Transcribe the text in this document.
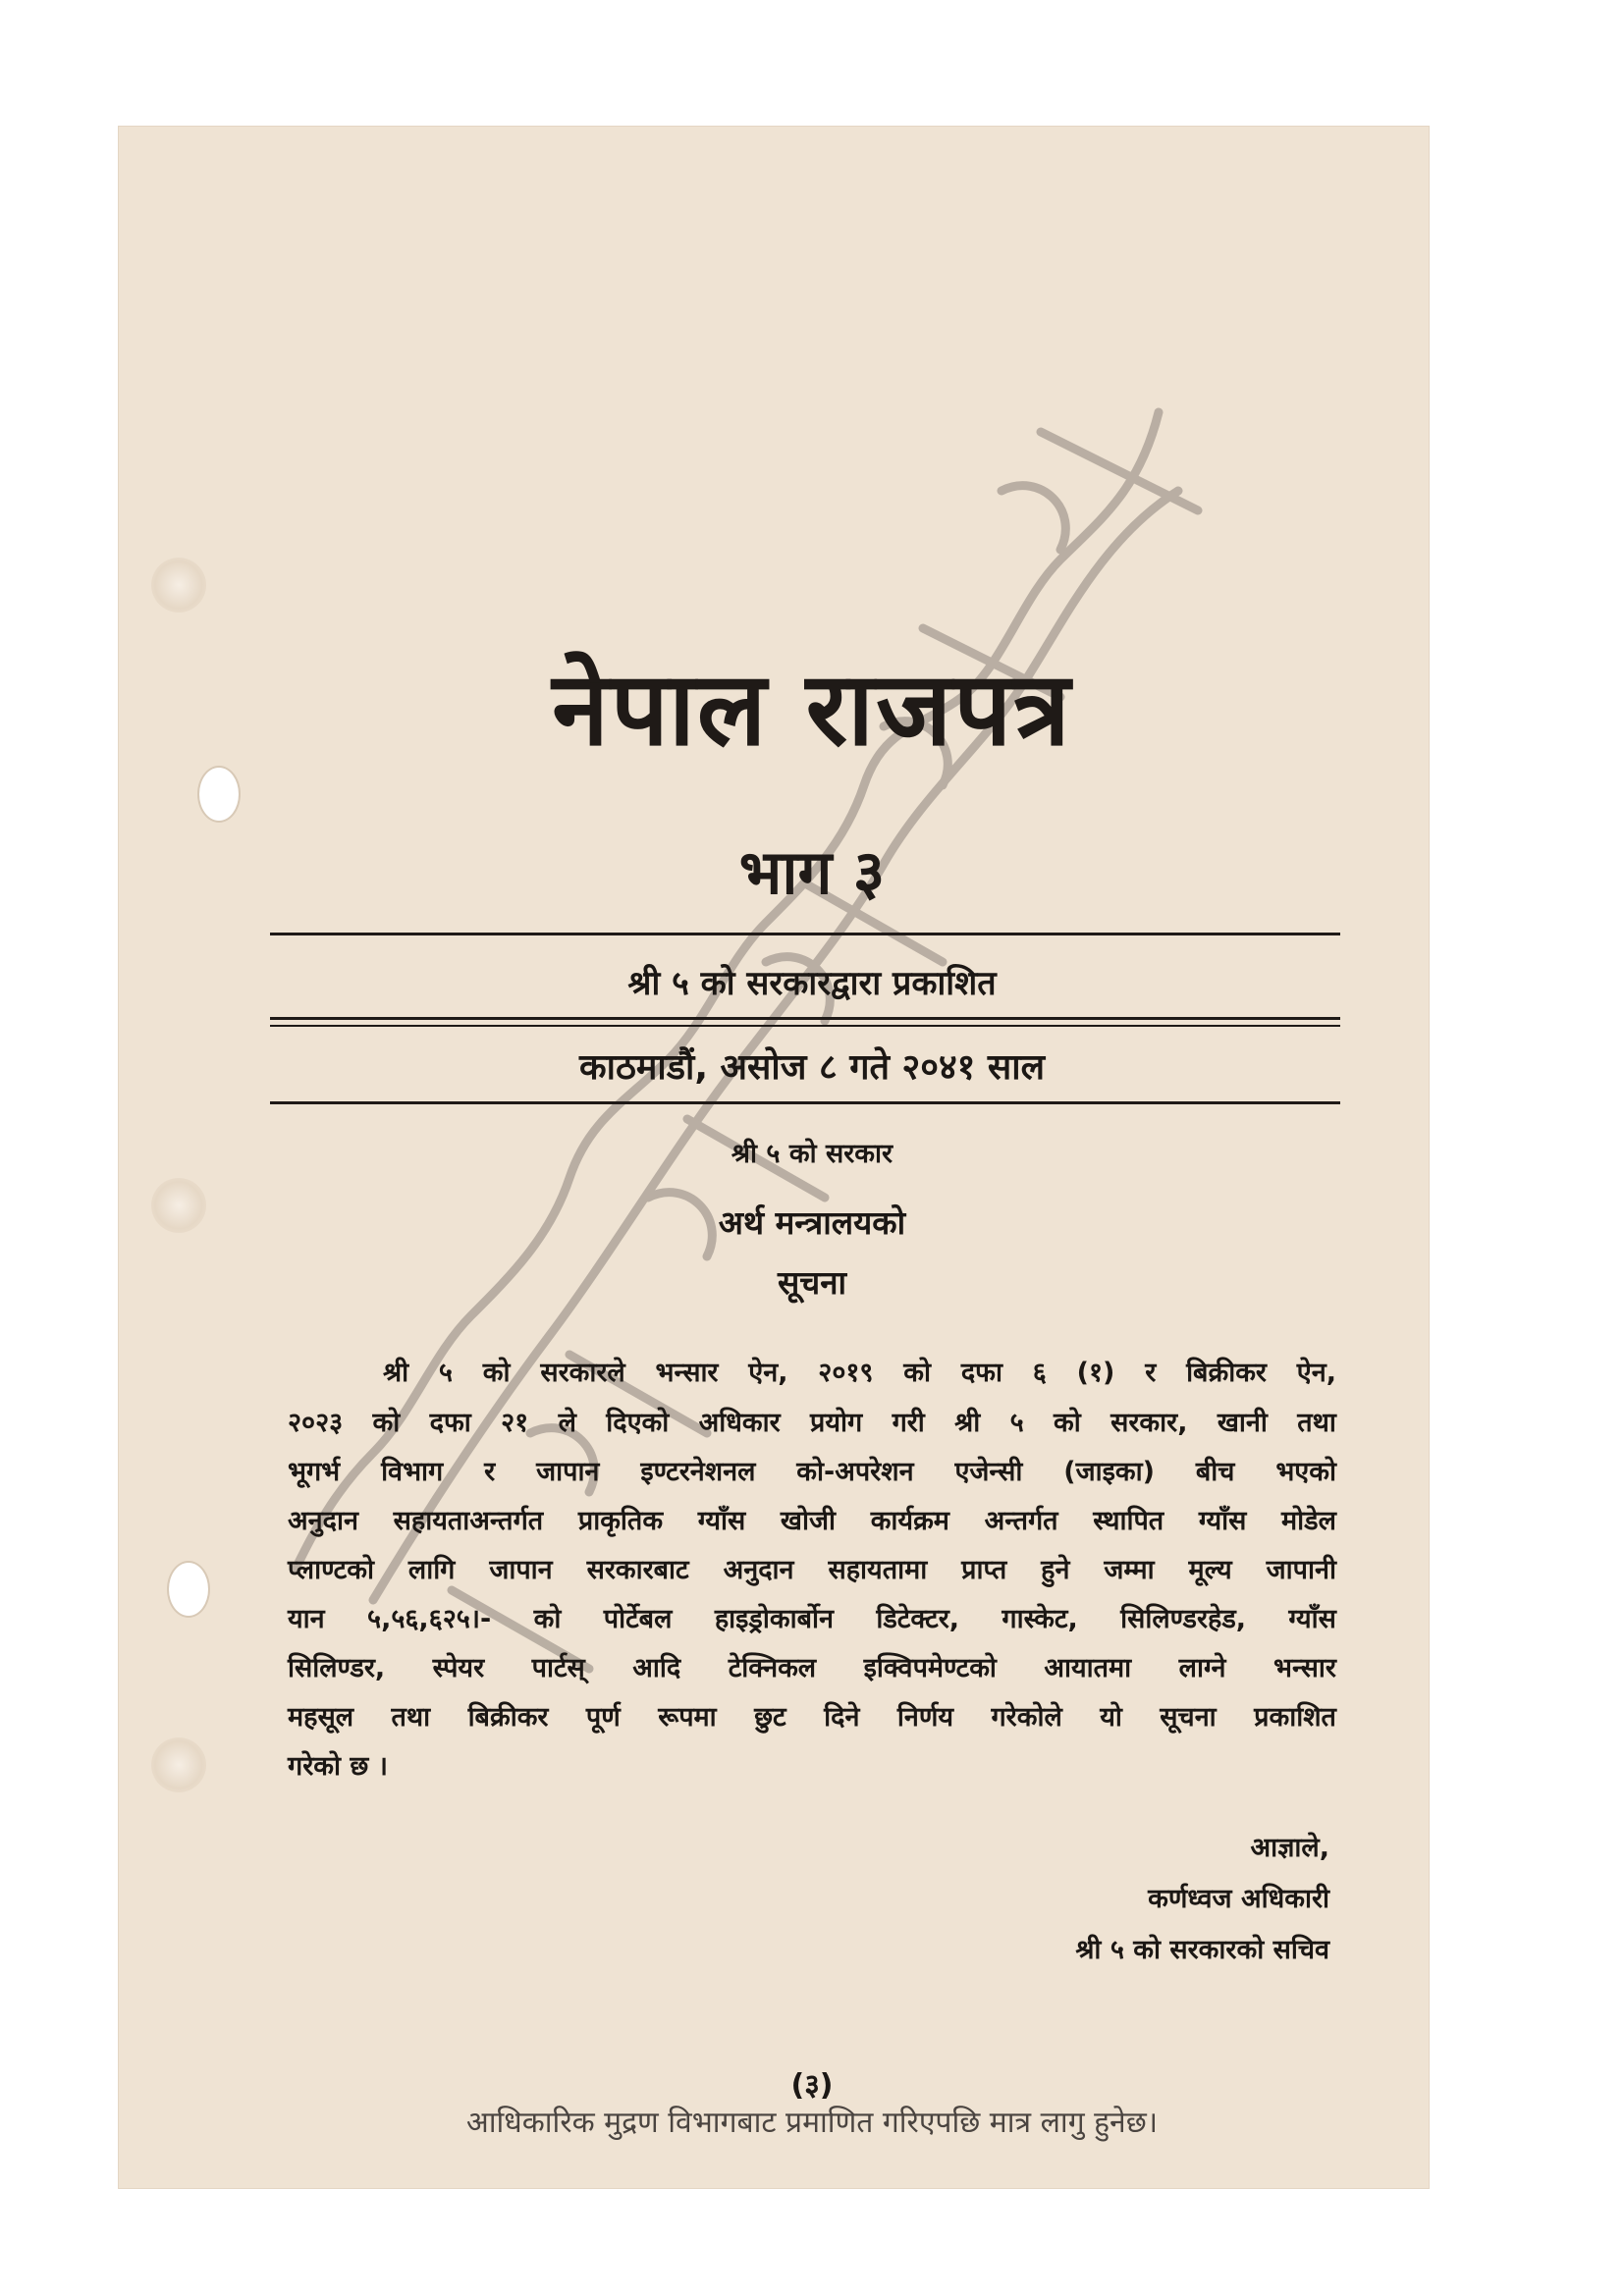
नेपाल राजपत्र
भाग ३
श्री ५ को सरकारद्वारा प्रकाशित
काठमाडौं, असोज ८ गते २०४१ साल
श्री ५ को सरकार
अर्थ मन्त्रालयको
सूचना
श्री ५ को सरकारले भन्सार ऐन, २०१९ को दफा ६ (१) र बिक्रीकर ऐन,
२०२३ को दफा २१ ले दिएको अधिकार प्रयोग गरी श्री ५ को सरकार, खानी तथा
भूगर्भ विभाग र जापान इण्टरनेशनल को-अपरेशन एजेन्सी (जाइका) बीच भएको
अनुदान सहायताअन्तर्गत प्राकृतिक ग्याँस खोजी कार्यक्रम अन्तर्गत स्थापित ग्याँस मोडेल
प्लाण्टको लागि जापान सरकारबाट अनुदान सहायतामा प्राप्त हुने जम्मा मूल्य जापानी
यान ५,५६,६२५।- को पोर्टेबल हाइड्रोकार्बोन डिटेक्टर, गास्केट, सिलिण्डरहेड, ग्याँस
सिलिण्डर, स्पेयर पार्टस् आदि टेक्निकल इक्विपमेण्टको आयातमा लाग्ने भन्सार
महसूल तथा बिक्रीकर पूर्ण रूपमा छुट दिने निर्णय गरेकोले यो सूचना प्रकाशित
गरेको छ ।
आज्ञाले,
कर्णध्वज अधिकारी
श्री ५ को सरकारको सचिव
(३)
आधिकारिक मुद्रण विभागबाट प्रमाणित गरिएपछि मात्र लागु हुनेछ।
